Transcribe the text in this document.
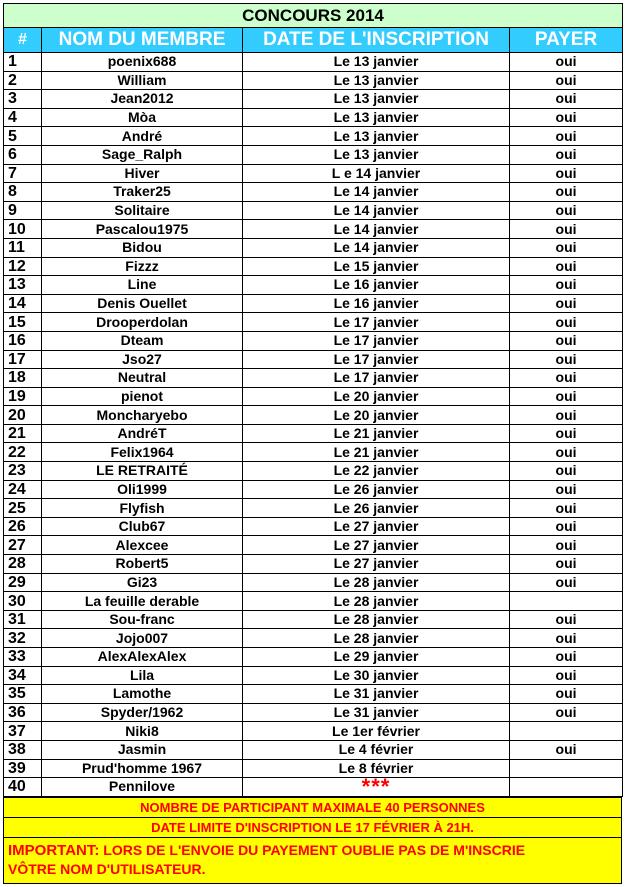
CONCOURS 2014			
#	NOM DU MEMBRE	DATE DE L'INSCRIPTION	PAYER
1	poenix688	Le 13 janvier	oui
2	William	Le 13 janvier	oui
3	Jean2012	Le 13 janvier	oui
4	Mòa	Le 13 janvier	oui
5	André	Le 13 janvier	oui
6	Sage_Ralph	Le 13 janvier	oui
7	Hiver	L e 14 janvier	oui
8	Traker25	Le 14 janvier	oui
9	Solitaire	Le 14 janvier	oui
10	Pascalou1975	Le 14 janvier	oui
11	Bidou	Le 14 janvier	oui
12	Fizzz	Le 15 janvier	oui
13	Line	Le 16 janvier	oui
14	Denis Ouellet	Le 16 janvier	oui
15	Drooperdolan	Le 17 janvier	oui
16	Dteam	Le 17 janvier	oui
17	Jso27	Le 17 janvier	oui
18	Neutral	Le 17 janvier	oui
19	pienot	Le 20 janvier	oui
20	Moncharyebo	Le 20 janvier	oui
21	AndréT	Le 21 janvier	oui
22	Felix1964	Le 21 janvier	oui
23	LE RETRAITÉ	Le 22 janvier	oui
24	Oli1999	Le 26 janvier	oui
25	Flyfish	Le 26 janvier	oui
26	Club67	Le 27 janvier	oui
27	Alexcee	Le 27 janvier	oui
28	Robert5	Le 27 janvier	oui
29	Gi23	Le 28 janvier	oui
30	La feuille derable	Le 28 janvier	
31	Sou-franc	Le 28 janvier	oui
32	Jojo007	Le 28 janvier	oui
33	AlexAlexAlex	Le 29 janvier	oui
34	Lila	Le 30 janvier	oui
35	Lamothe	Le 31 janvier	oui
36	Spyder/1962	Le 31 janvier	oui
37	Niki8	Le 1er février	
38	Jasmin	Le 4 février	oui
39	Prud'homme 1967	Le 8 février	
40	Pennilove	***	
NOMBRE DE PARTICIPANT MAXIMALE 40 PERSONNES
DATE LIMITE D'INSCRIPTION LE 17 FÉVRIER À 21H.
IMPORTANT: LORS DE L'ENVOIE DU PAYEMENT OUBLIE PAS DE M'INSCRIE
VÔTRE NOM D'UTILISATEUR.
